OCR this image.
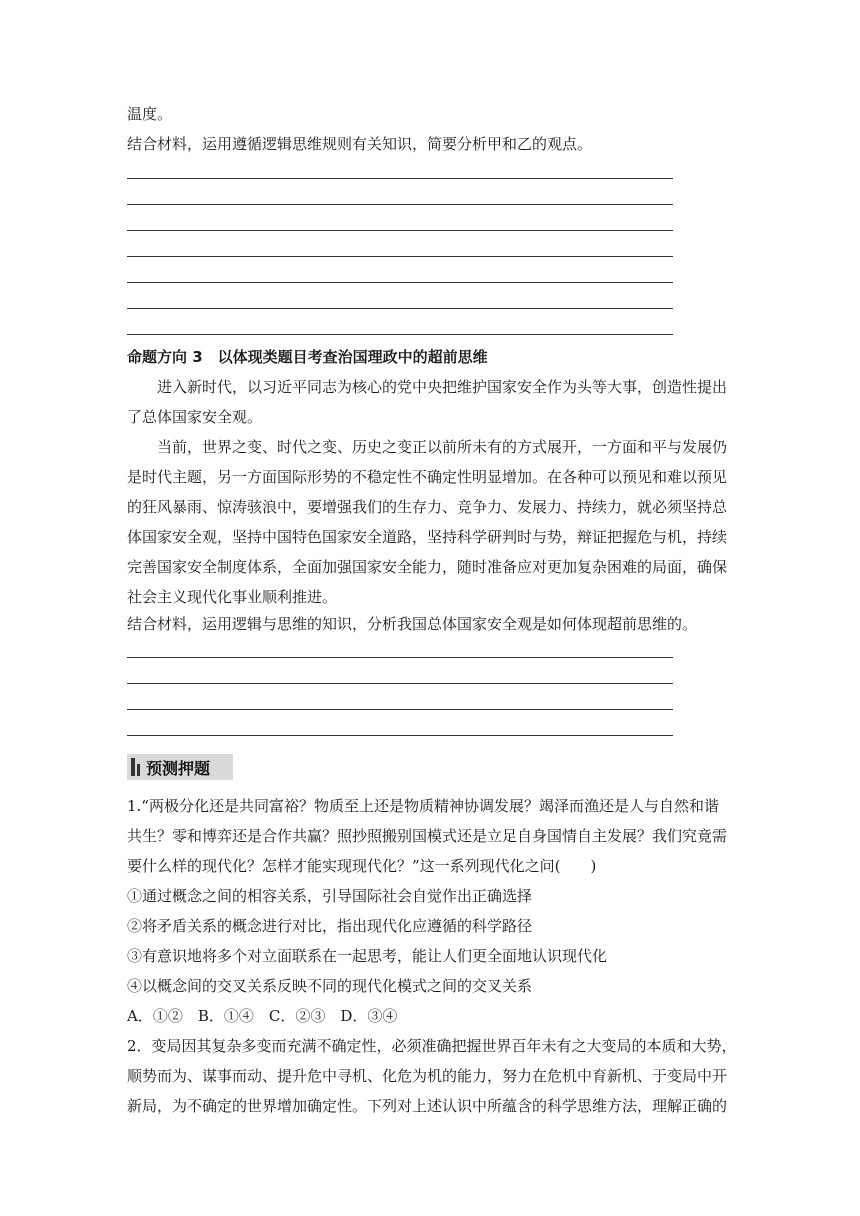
温度。
结合材料，运用遵循逻辑思维规则有关知识，简要分析甲和乙的观点。
命题方向 3　以体现类题目考查治国理政中的超前思维
进入新时代，以习近平同志为核心的党中央把维护国家安全作为头等大事，创造性提出
了总体国家安全观。
当前，世界之变、时代之变、历史之变正以前所未有的方式展开，一方面和平与发展仍
是时代主题，另一方面国际形势的不稳定性不确定性明显增加。在各种可以预见和难以预见
的狂风暴雨、惊涛骇浪中，要增强我们的生存力、竞争力、发展力、持续力，就必须坚持总
体国家安全观，坚持中国特色国家安全道路，坚持科学研判时与势，辩证把握危与机，持续
完善国家安全制度体系，全面加强国家安全能力，随时准备应对更加复杂困难的局面，确保
社会主义现代化事业顺利推进。
结合材料，运用逻辑与思维的知识，分析我国总体国家安全观是如何体现超前思维的。
预测押题
1.“两极分化还是共同富裕？物质至上还是物质精神协调发展？竭泽而渔还是人与自然和谐
共生？零和博弈还是合作共赢？照抄照搬别国模式还是立足自身国情自主发展？我们究竟需
要什么样的现代化？怎样才能实现现代化？”这一系列现代化之问(　　)
①通过概念之间的相容关系，引导国际社会自觉作出正确选择
②将矛盾关系的概念进行对比，指出现代化应遵循的科学路径
③有意识地将多个对立面联系在一起思考，能让人们更全面地认识现代化
④以概念间的交叉关系反映不同的现代化模式之间的交叉关系
A．①②　B．①④　C．②③　D．③④
2．变局因其复杂多变而充满不确定性，必须准确把握世界百年未有之大变局的本质和大势，
顺势而为、谋事而动、提升危中寻机、化危为机的能力，努力在危机中育新机、于变局中开
新局，为不确定的世界增加确定性。下列对上述认识中所蕴含的科学思维方法，理解正确的
